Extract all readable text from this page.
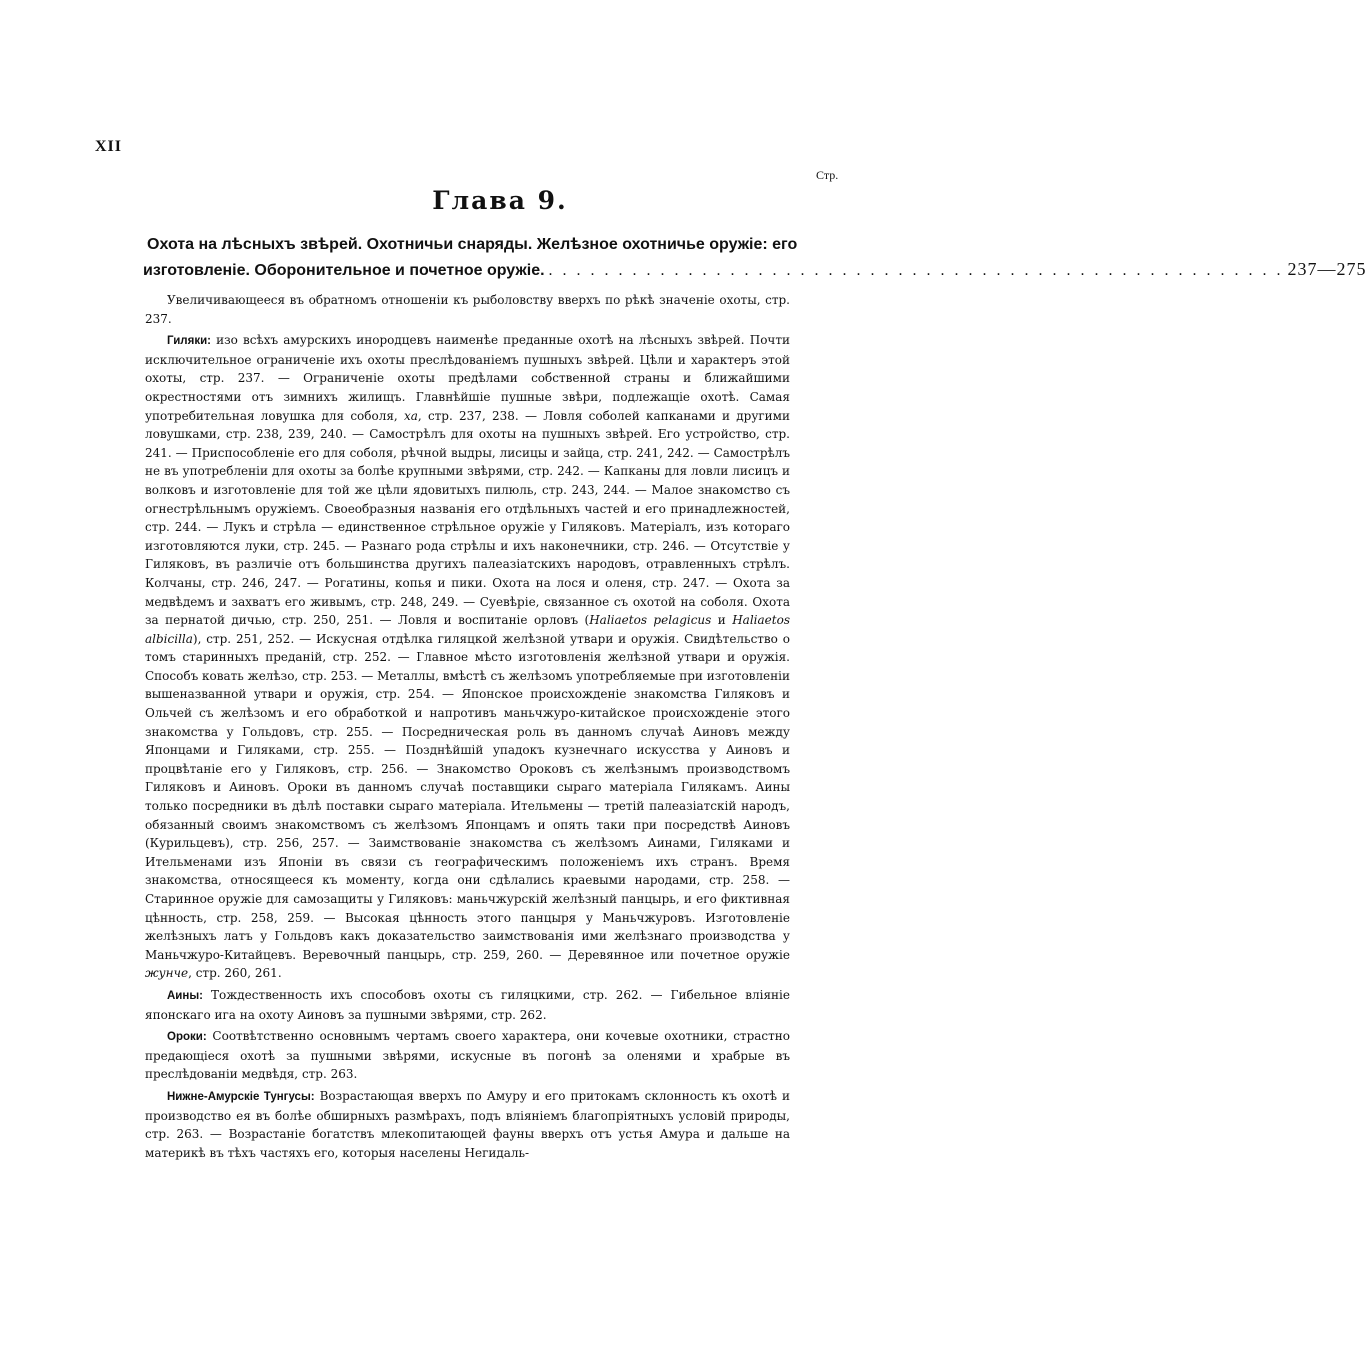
XII
Стр.
Глава 9.
Охота на лѣсныхъ звѣрей. Охотничьи снаряды. Желѣзное охотничье оружіе: его
изготовленіе. Оборонительное и почетное оружіе. . . . . . . . . . . . . . . . . . . . . . . . . . . . . . . . . . . . . . . . . . . . . . . . . . . . . . 237—275

Увеличивающееся въ обратномъ отношеніи къ рыболовству вверхъ по рѣкѣ значеніе охоты, стр. 237.

Гиляки: изо всѣхъ амурскихъ инородцевъ наименѣе преданные охотѣ на лѣсныхъ звѣрей. Почти исключительное ограниченіе ихъ охоты преслѣдованіемъ пушныхъ звѣрей. Цѣли и характеръ этой охоты, стр. 237. — Ограниченіе охоты предѣлами собственной страны и ближайшими окрестностями отъ зимнихъ жилищъ. Главнѣйшіе пушные звѣри, подлежащіе охотѣ. Самая употребительная ловушка для соболя, ха, стр. 237, 238. — Ловля соболей капканами и другими ловушками, стр. 238, 239, 240. — Самострѣлъ для охоты на пушныхъ звѣрей. Его устройство, стр. 241. — Приспособленіе его для соболя, рѣчной выдры, лисицы и зайца, стр. 241, 242. — Самострѣлъ не въ употребленіи для охоты за болѣе крупными звѣрями, стр. 242. — Капканы для ловли лисицъ и волковъ и изготовленіе для той же цѣли ядовитыхъ пилюль, стр. 243, 244. — Малое знакомство съ огнестрѣльнымъ оружіемъ. Своеобразныя названія его отдѣльныхъ частей и его принадлежностей, стр. 244. — Лукъ и стрѣла — единственное стрѣльное оружіе у Гиляковъ. Матеріалъ, изъ котораго изготовляются луки, стр. 245. — Разнаго рода стрѣлы и ихъ наконечники, стр. 246. — Отсутствіе у Гиляковъ, въ различіе отъ большинства другихъ палеазіатскихъ народовъ, отравленныхъ стрѣлъ. Колчаны, стр. 246, 247. — Рогатины, копья и пики. Охота на лося и оленя, стр. 247. — Охота за медвѣдемъ и захватъ его живымъ, стр. 248, 249. — Суевѣріе, связанное съ охотой на соболя. Охота за пернатой дичью, стр. 250, 251. — Ловля и воспитаніе орловъ (Haliaetos pelagicus и Haliaetos albicilla), стр. 251, 252. — Искусная отдѣлка гиляцкой желѣзной утвари и оружія. Свидѣтельство о томъ старинныхъ преданій, стр. 252. — Главное мѣсто изготовленія желѣзной утвари и оружія. Способъ ковать желѣзо, стр. 253. — Металлы, вмѣстѣ съ желѣзомъ употребляемые при изготовленіи вышеназванной утвари и оружія, стр. 254. — Японское происхожденіе знакомства Гиляковъ и Ольчей съ желѣзомъ и его обработкой и напротивъ маньчжуро-китайское происхожденіе этого знакомства у Гольдовъ, стр. 255. — Посредническая роль въ данномъ случаѣ Аиновъ между Японцами и Гиляками, стр. 255. — Позднѣйшій упадокъ кузнечнаго искусства у Аиновъ и процвѣтаніе его у Гиляковъ, стр. 256. — Знакомство Ороковъ съ желѣзнымъ производствомъ Гиляковъ и Аиновъ. Ороки въ данномъ случаѣ поставщики сыраго матеріала Гилякамъ. Аины только посредники въ дѣлѣ поставки сыраго матеріала. Ительмены — третій палеазіатскій народъ, обязанный своимъ знакомствомъ съ желѣзомъ Японцамъ и опять таки при посредствѣ Аиновъ (Курильцевъ), стр. 256, 257. — Заимствованіе знакомства съ желѣзомъ Аинами, Гиляками и Ительменами изъ Японіи въ связи съ географическимъ положеніемъ ихъ странъ. Время знакомства, относящееся къ моменту, когда они сдѣлались краевыми народами, стр. 258. — Старинное оружіе для самозащиты у Гиляковъ: маньчжурскій желѣзный панцырь, и его фиктивная цѣнность, стр. 258, 259. — Высокая цѣнность этого панцыря у Маньчжуровъ. Изготовленіе желѣзныхъ латъ у Гольдовъ какъ доказательство заимствованія ими желѣзнаго производства у Маньчжуро-Китайцевъ. Веревочный панцырь, стр. 259, 260. — Деревянное или почетное оружіе жунче, стр. 260, 261.

Аины: Тождественность ихъ способовъ охоты съ гиляцкими, стр. 262. — Гибельное вліяніе японскаго ига на охоту Аиновъ за пушными звѣрями, стр. 262.

Ороки: Соотвѣтственно основнымъ чертамъ своего характера, они кочевые охотники, страстно предающіеся охотѣ за пушными звѣрями, искусные въ погонѣ за оленями и храбрые въ преслѣдованіи медвѣдя, стр. 263.

Нижне-Амурскіе Тунгусы: Возрастающая вверхъ по Амуру и его притокамъ склонность къ охотѣ и производство ея въ болѣе обширныхъ размѣрахъ, подъ вліяніемъ благопріятныхъ условій природы, стр. 263. — Возрастаніе богатствъ млекопитающей фауны вверхъ отъ устья Амура и дальше на материкѣ въ тѣхъ частяхъ его, которыя населены Негидаль-
